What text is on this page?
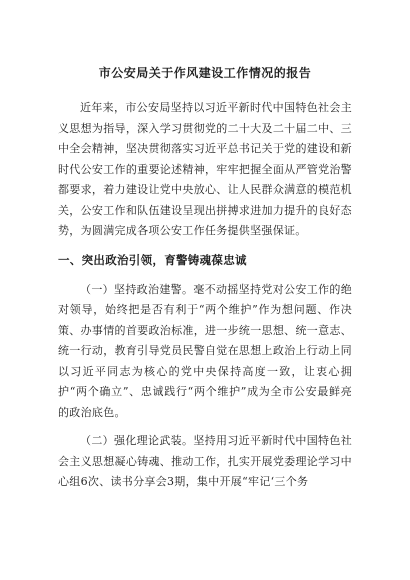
市公安局关于作风建设工作情况的报告

近年来，市公安局坚持以习近平新时代中国特色社会主义思想为指导，深入学习贯彻党的二十大及二十届二中、三中全会精神，坚决贯彻落实习近平总书记关于党的建设和新时代公安工作的重要论述精神，牢牢把握全面从严管党治警都要求，着力建设让党中央放心、让人民群众满意的模范机关，公安工作和队伍建设呈现出拼搏求进加力提升的良好态势，为圆满完成各项公安工作任务提供坚强保证。

一、突出政治引领，育警铸魂葆忠诚

（一）坚持政治建警。毫不动摇坚持党对公安工作的绝对领导，始终把是否有利于“两个维护”作为想问题、作决策、办事情的首要政治标准，进一步统一思想、统一意志、统一行动，教育引导党员民警自觉在思想上政治上行动上同以习近平同志为核心的党中央保持高度一致，让衷心拥护“两个确立”、忠诚践行“两个维护”成为全市公安最鲜亮的政治底色。

（二）强化理论武装。坚持用习近平新时代中国特色社会主义思想凝心铸魂、推动工作，扎实开展党委理论学习中心组6次、读书分享会3期，集中开展“牢记‘三个务
